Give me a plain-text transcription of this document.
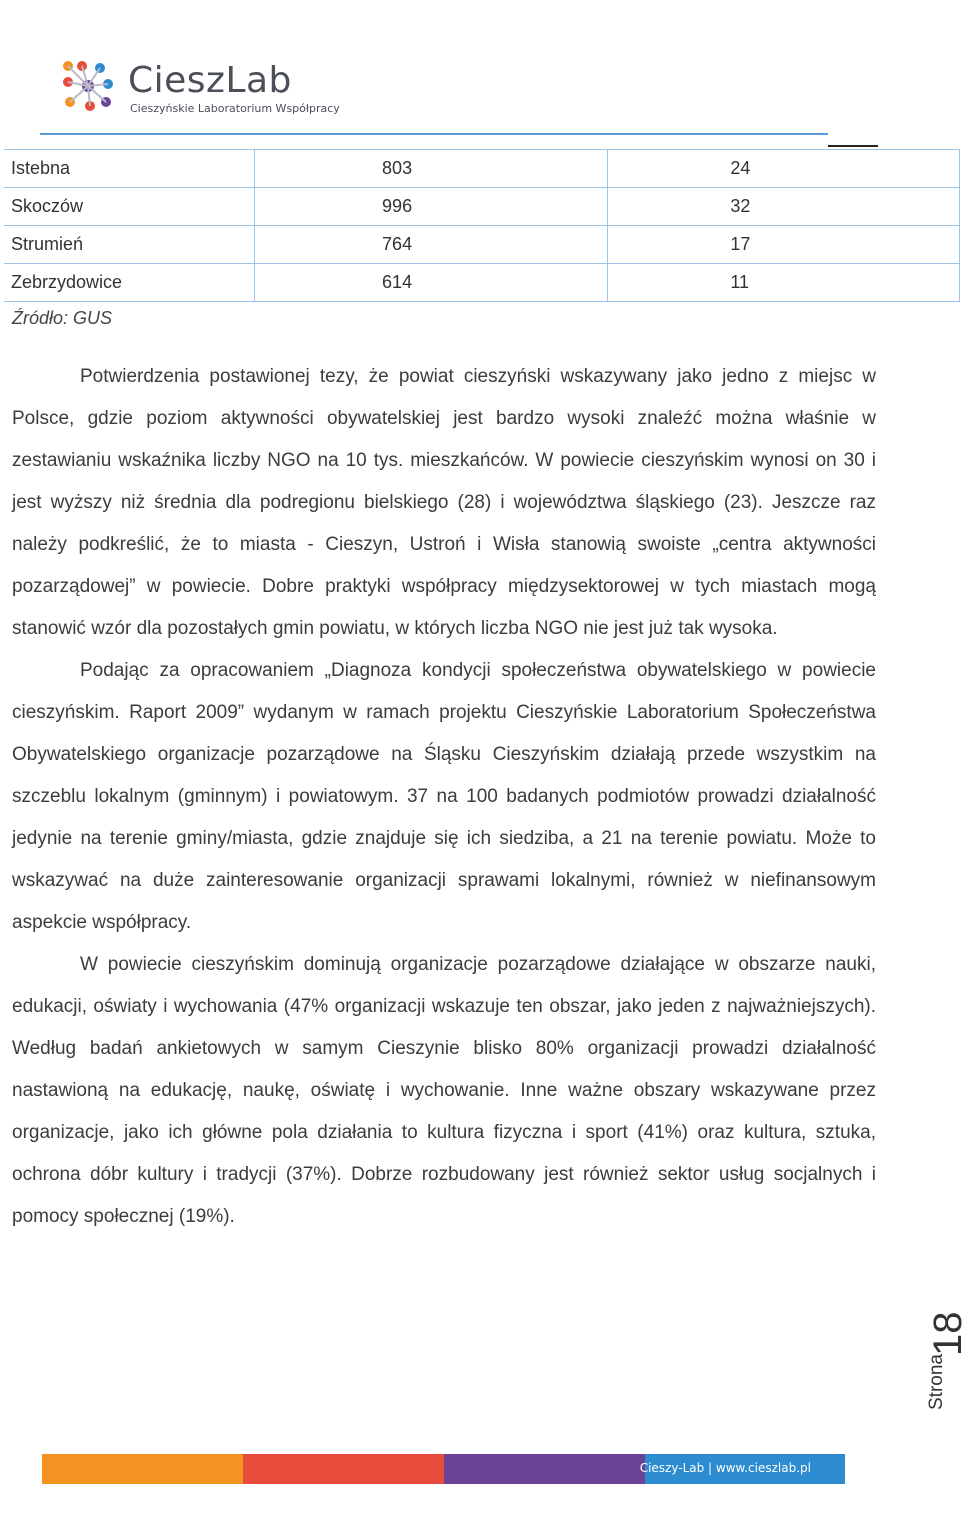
CieszLab
Cieszyńskie Laboratorium Współpracy
Istebna	803	24
Skoczów	996	32
Strumień	764	17
Zebrzydowice	614	11
Źródło: GUS

Potwierdzenia postawionej tezy, że powiat cieszyński wskazywany jako jedno z miejsc w Polsce, gdzie poziom aktywności obywatelskiej jest bardzo wysoki znaleźć można właśnie w zestawianiu wskaźnika liczby NGO na 10 tys. mieszkańców. W powiecie cieszyńskim wynosi on 30 i jest wyższy niż średnia dla podregionu bielskiego (28) i województwa śląskiego (23). Jeszcze raz należy podkreślić, że to miasta - Cieszyn, Ustroń i Wisła stanowią swoiste „centra aktywności pozarządowej” w powiecie. Dobre praktyki współpracy międzysektorowej w tych miastach mogą stanowić wzór dla pozostałych gmin powiatu, w których liczba NGO nie jest już tak wysoka.

Podając za opracowaniem „Diagnoza kondycji społeczeństwa obywatelskiego w powiecie cieszyńskim. Raport 2009” wydanym w ramach projektu Cieszyńskie Laboratorium Społeczeństwa Obywatelskiego organizacje pozarządowe na Śląsku Cieszyńskim działają przede wszystkim na szczeblu lokalnym (gminnym) i powiatowym. 37 na 100 badanych podmiotów prowadzi działalność jedynie na terenie gminy/miasta, gdzie znajduje się ich siedziba, a 21 na terenie powiatu. Może to wskazywać na duże zainteresowanie organizacji sprawami lokalnymi, również w niefinansowym aspekcie współpracy.

W powiecie cieszyńskim dominują organizacje pozarządowe działające w obszarze nauki, edukacji, oświaty i wychowania (47% organizacji wskazuje ten obszar, jako jeden z najważniejszych). Według badań ankietowych w samym Cieszynie blisko 80% organizacji prowadzi działalność nastawioną na edukację, naukę, oświatę i wychowanie. Inne ważne obszary wskazywane przez organizacje, jako ich główne pola działania to kultura fizyczna i sport (41%) oraz kultura, sztuka, ochrona dóbr kultury i tradycji (37%). Dobrze rozbudowany jest również sektor usług socjalnych i pomocy społecznej (19%).

18
Strona
Cieszy-Lab | www.cieszlab.pl
